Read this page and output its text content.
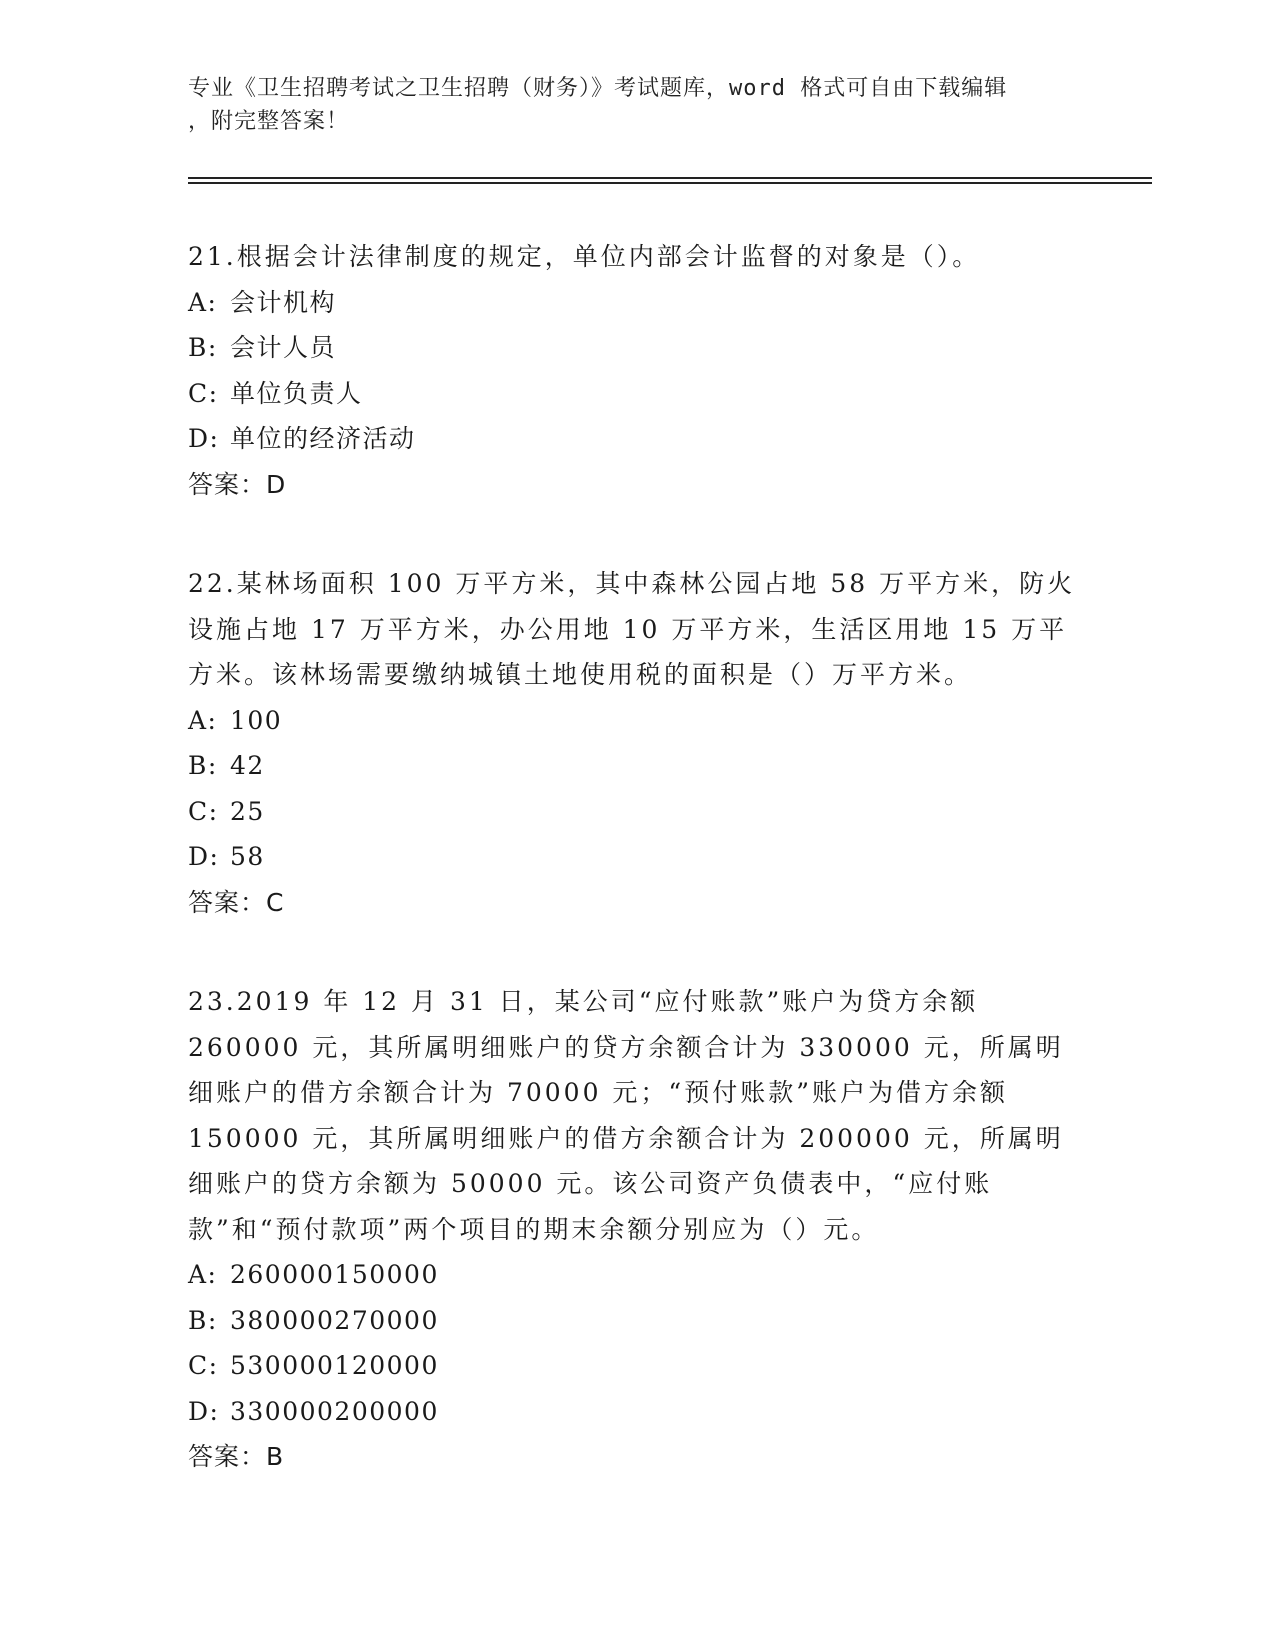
专业《卫生招聘考试之卫生招聘（财务）》考试题库，word 格式可自由下载编辑
，附完整答案！

21.根据会计法律制度的规定，单位内部会计监督的对象是（）。

A: 会计机构

B: 会计人员

C: 单位负责人

D: 单位的经济活动

答案：D

22.某林场面积 100 万平方米，其中森林公园占地 58 万平方米，防火设施占地 17 万平方米，办公用地 10 万平方米，生活区用地 15 万平方米。该林场需要缴纳城镇土地使用税的面积是（）万平方米。

A: 100

B: 42

C: 25

D: 58

答案：C

23.2019 年 12 月 31 日，某公司“应付账款”账户为贷方余额 260000 元，其所属明细账户的贷方余额合计为 330000 元，所属明细账户的借方余额合计为 70000 元；“预付账款”账户为借方余额 150000 元，其所属明细账户的借方余额合计为 200000 元，所属明细账户的贷方余额为 50000 元。该公司资产负债表中，“应付账款”和“预付款项”两个项目的期末余额分别应为（）元。

A: 260000150000

B: 380000270000

C: 530000120000

D: 330000200000

答案：B
